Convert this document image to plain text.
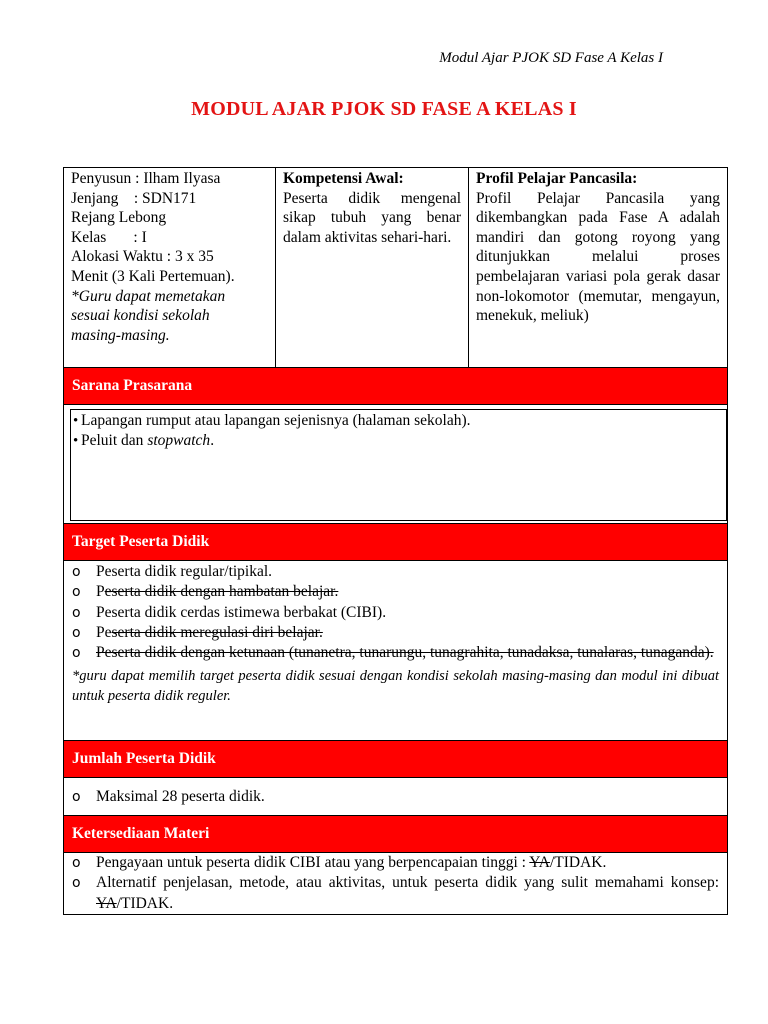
Modul Ajar PJOK SD Fase A Kelas I
MODUL AJAR PJOK SD FASE A KELAS I
Penyusun : Ilham Ilyasa
Jenjang    : SDN171
Rejang Lebong
Kelas       : I
Alokasi Waktu : 3 x 35
Menit (3 Kali Pertemuan).
*Guru dapat memetakan
sesuai kondisi sekolah
masing-masing.
Kompetensi Awal:
Peserta didik mengenal sikap tubuh yang benar dalam aktivitas sehari-hari.
Profil Pelajar Pancasila:
Profil Pelajar Pancasila yang dikembangkan pada Fase A adalah mandiri dan gotong royong yang ditunjukkan melalui proses pembelajaran variasi pola gerak dasar non-lokomotor (memutar, mengayun, menekuk, meliuk)
Sarana Prasarana
• Lapangan rumput atau lapangan sejenisnya (halaman sekolah).
• Peluit dan stopwatch.
Target Peserta Didik
o Peserta didik regular/tipikal.
o Peserta didik dengan hambatan belajar.
o Peserta didik cerdas istimewa berbakat (CIBI).
o Peserta didik meregulasi diri belajar.
o Peserta didik dengan ketunaan (tunanetra, tunarungu, tunagrahita, tunadaksa, tunalaras, tunaganda).
*guru dapat memilih target peserta didik sesuai dengan kondisi sekolah masing-masing dan modul ini dibuat untuk peserta didik reguler.
Jumlah Peserta Didik
o Maksimal 28 peserta didik.
Ketersediaan Materi
o Pengayaan untuk peserta didik CIBI atau yang berpencapaian tinggi : YA/TIDAK.
o Alternatif penjelasan, metode, atau aktivitas, untuk peserta didik yang sulit memahami konsep: YA/TIDAK.
